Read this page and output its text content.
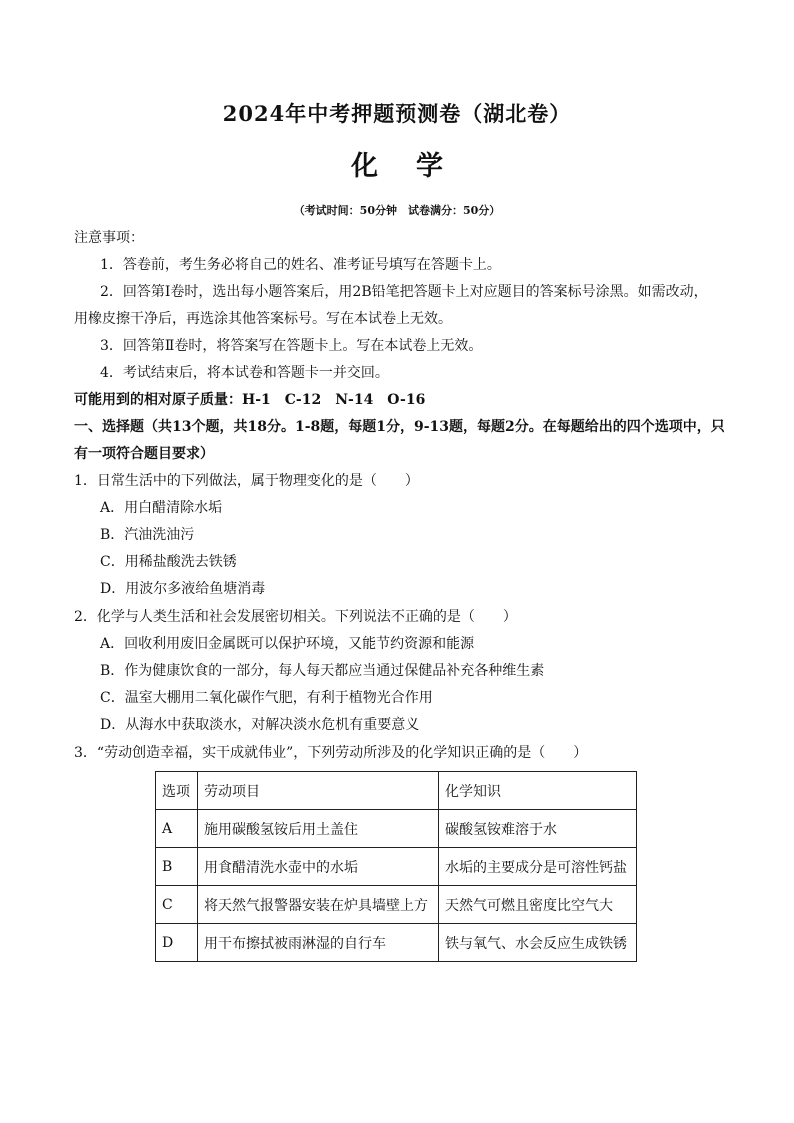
2024年中考押题预测卷（湖北卷）
化学
（考试时间：50分钟　试卷满分：50分）
注意事项：
1．答卷前，考生务必将自己的姓名、准考证号填写在答题卡上。
2．回答第Ⅰ卷时，选出每小题答案后，用2B铅笔把答题卡上对应题目的答案标号涂黑。如需改动，
用橡皮擦干净后，再选涂其他答案标号。写在本试卷上无效。
3．回答第Ⅱ卷时，将答案写在答题卡上。写在本试卷上无效。
4．考试结束后，将本试卷和答题卡一并交回。
可能用到的相对原子质量：H-1　C-12　N-14　O-16
一、选择题（共13个题，共18分。1-8题，每题1分，9-13题，每题2分。在每题给出的四个选项中，只
有一项符合题目要求）
1．日常生活中的下列做法，属于物理变化的是（　　）
A．用白醋清除水垢
B．汽油洗油污
C．用稀盐酸洗去铁锈
D．用波尔多液给鱼塘消毒
2．化学与人类生活和社会发展密切相关。下列说法不正确的是（　　）
A．回收利用废旧金属既可以保护环境，又能节约资源和能源
B．作为健康饮食的一部分，每人每天都应当通过保健品补充各种维生素
C．温室大棚用二氧化碳作气肥，有利于植物光合作用
D．从海水中获取淡水，对解决淡水危机有重要意义
3．“劳动创造幸福，实干成就伟业”，下列劳动所涉及的化学知识正确的是（　　）
选项	劳动项目	化学知识
A	施用碳酸氢铵后用土盖住	碳酸氢铵难溶于水
B	用食醋清洗水壶中的水垢	水垢的主要成分是可溶性钙盐
C	将天然气报警器安装在炉具墙壁上方	天然气可燃且密度比空气大
D	用干布擦拭被雨淋湿的自行车	铁与氧气、水会反应生成铁锈
